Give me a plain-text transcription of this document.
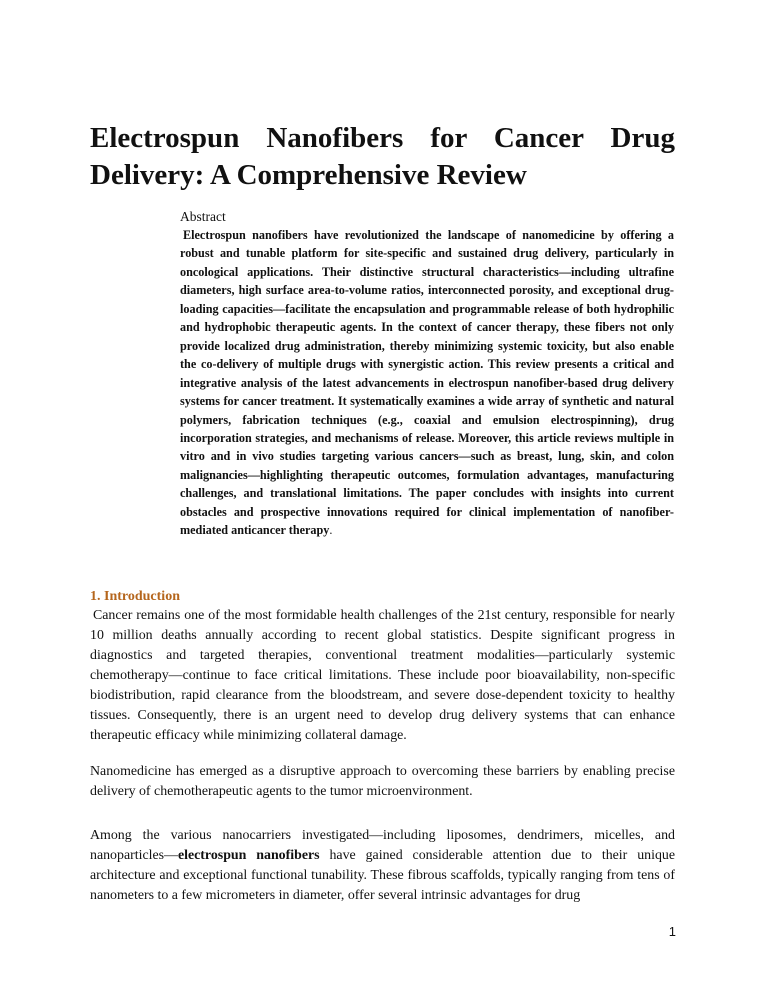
Electrospun Nanofibers for Cancer Drug Delivery: A Comprehensive Review

Abstract

Electrospun nanofibers have revolutionized the landscape of nanomedicine by offering a robust and tunable platform for site-specific and sustained drug delivery, particularly in oncological applications. Their distinctive structural characteristics—including ultrafine diameters, high surface area-to-volume ratios, interconnected porosity, and exceptional drug-loading capacities—facilitate the encapsulation and programmable release of both hydrophilic and hydrophobic therapeutic agents. In the context of cancer therapy, these fibers not only provide localized drug administration, thereby minimizing systemic toxicity, but also enable the co-delivery of multiple drugs with synergistic action. This review presents a critical and integrative analysis of the latest advancements in electrospun nanofiber-based drug delivery systems for cancer treatment. It systematically examines a wide array of synthetic and natural polymers, fabrication techniques (e.g., coaxial and emulsion electrospinning), drug incorporation strategies, and mechanisms of release. Moreover, this article reviews multiple in vitro and in vivo studies targeting various cancers—such as breast, lung, skin, and colon malignancies—highlighting therapeutic outcomes, formulation advantages, manufacturing challenges, and translational limitations. The paper concludes with insights into current obstacles and prospective innovations required for clinical implementation of nanofiber-mediated anticancer therapy.

1. Introduction

Cancer remains one of the most formidable health challenges of the 21st century, responsible for nearly 10 million deaths annually according to recent global statistics. Despite significant progress in diagnostics and targeted therapies, conventional treatment modalities—particularly systemic chemotherapy—continue to face critical limitations. These include poor bioavailability, non-specific biodistribution, rapid clearance from the bloodstream, and severe dose-dependent toxicity to healthy tissues. Consequently, there is an urgent need to develop drug delivery systems that can enhance therapeutic efficacy while minimizing collateral damage.

Nanomedicine has emerged as a disruptive approach to overcoming these barriers by enabling precise delivery of chemotherapeutic agents to the tumor microenvironment.

Among the various nanocarriers investigated—including liposomes, dendrimers, micelles, and nanoparticles—electrospun nanofibers have gained considerable attention due to their unique architecture and exceptional functional tunability. These fibrous scaffolds, typically ranging from tens of nanometers to a few micrometers in diameter, offer several intrinsic advantages for drug

1
